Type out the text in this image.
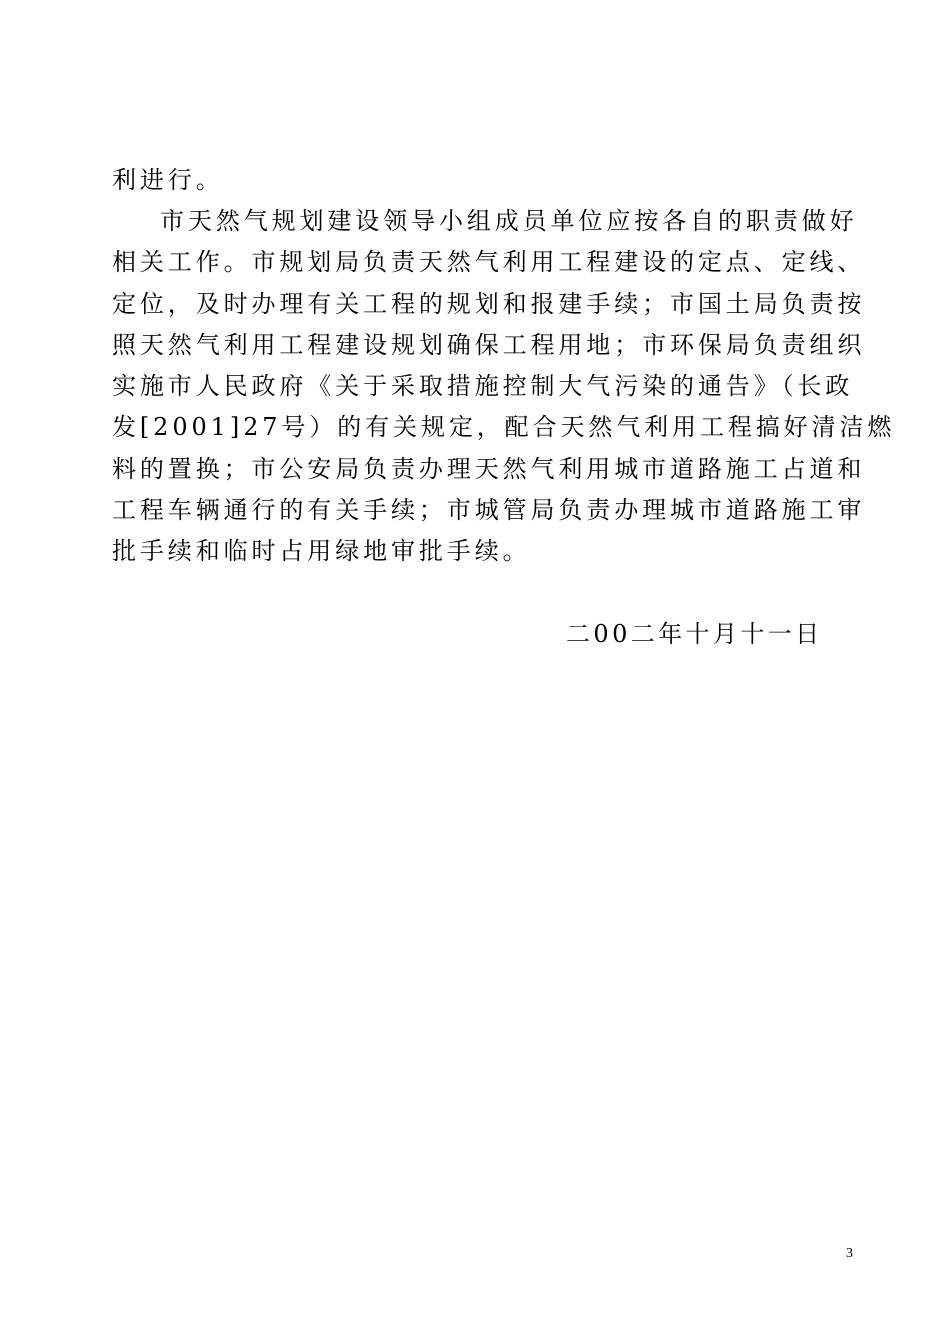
利进行。
市天然气规划建设领导小组成员单位应按各自的职责做好
相关工作。市规划局负责天然气利用工程建设的定点、定线、
定位，及时办理有关工程的规划和报建手续；市国土局负责按
照天然气利用工程建设规划确保工程用地；市环保局负责组织
实施市人民政府《关于采取措施控制大气污染的通告》（长政
发[2001]27号）的有关规定，配合天然气利用工程搞好清洁燃
料的置换；市公安局负责办理天然气利用城市道路施工占道和
工程车辆通行的有关手续；市城管局负责办理城市道路施工审
批手续和临时占用绿地审批手续。
二00二年十月十一日
3
